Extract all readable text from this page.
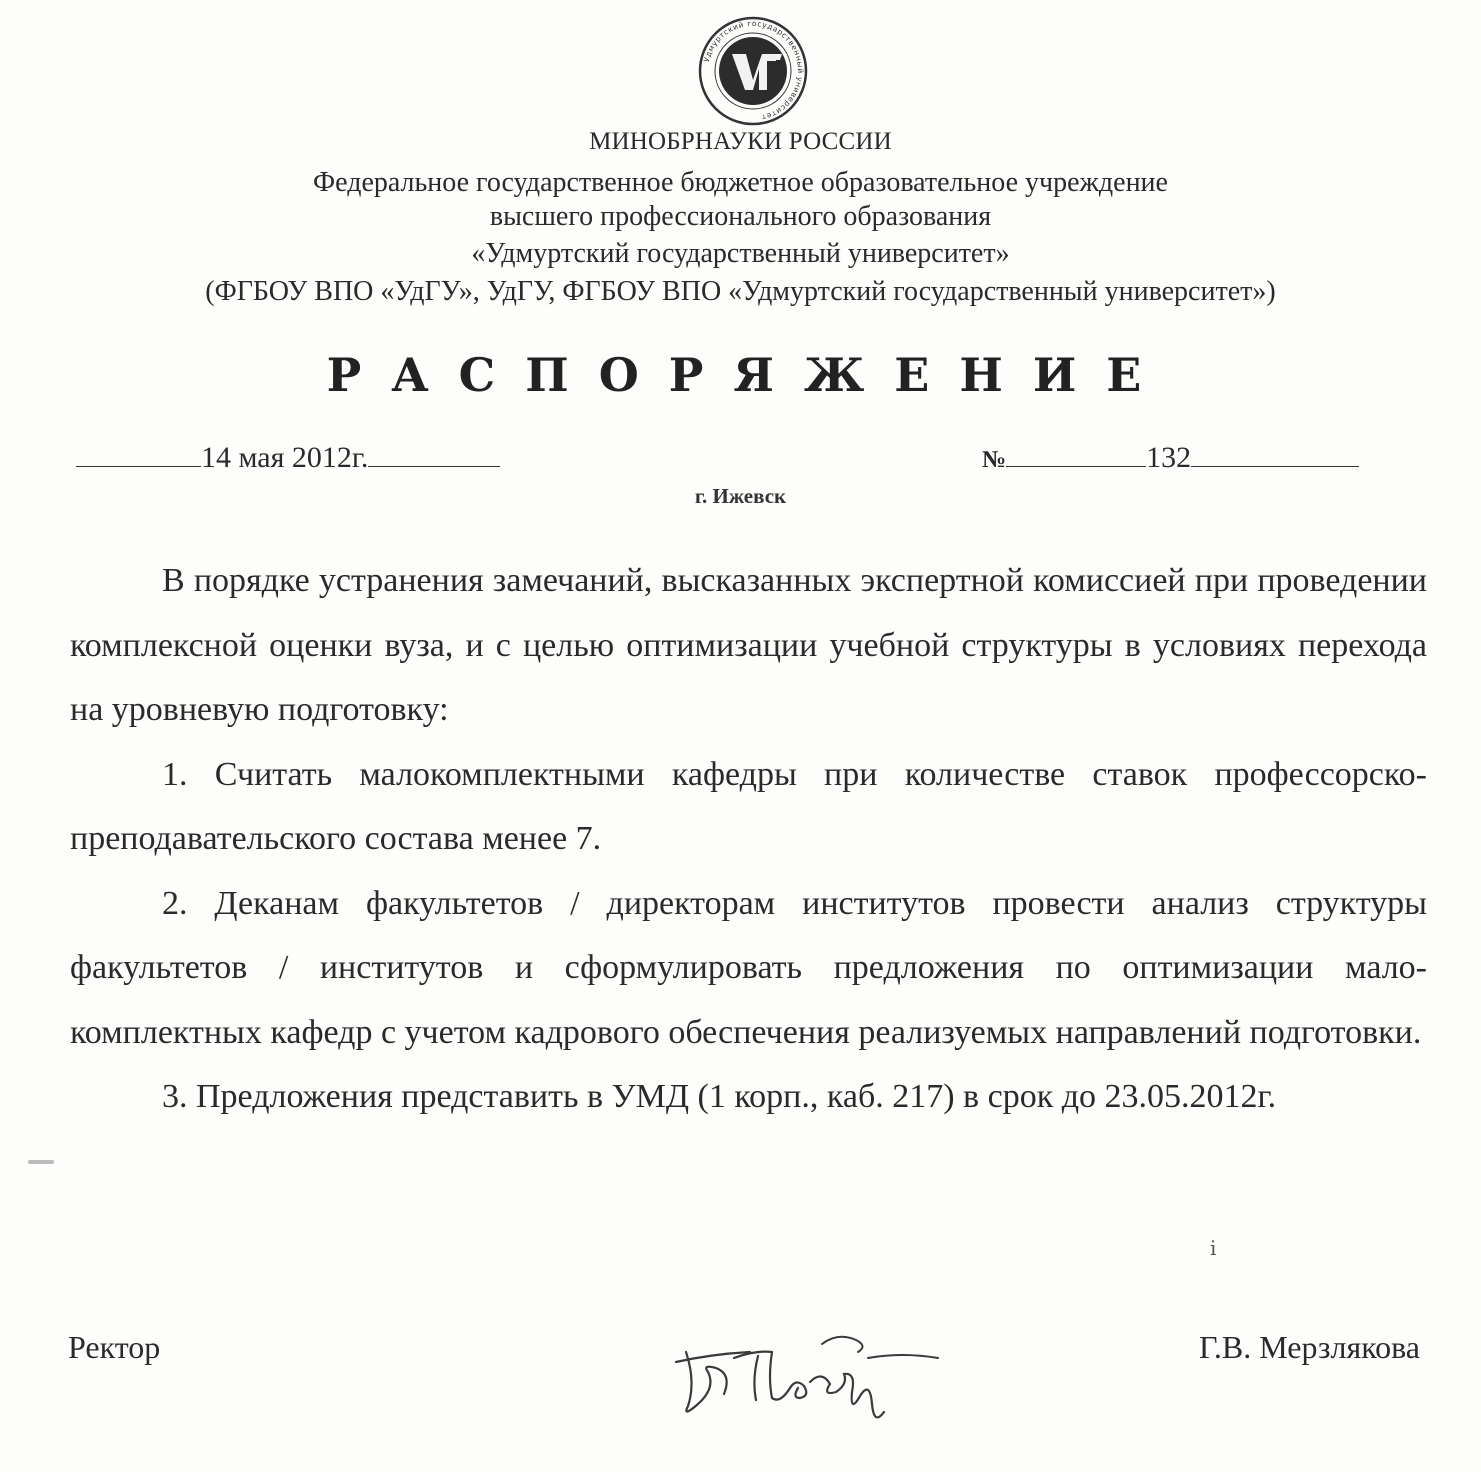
Удмуртский государственный университет
МИНОБРНАУКИ РОССИИ
Федеральное государственное бюджетное образовательное учреждение
высшего профессионального образования
«Удмуртский государственный университет»
(ФГБОУ ВПО «УдГУ», УдГУ, ФГБОУ ВПО «Удмуртский государственный университет»)
РАСПОРЯЖЕНИЕ
14 мая 2012г.	№	132
г. Ижевск

В порядке устранения замечаний, высказанных экспертной комиссией при проведении комплексной оценки вуза, и с целью оптимизации учебной структуры в условиях перехода на уровневую подготовку:

1. Считать малокомплектными кафедры при количестве ставок профессорско-преподавательского состава менее 7.

2. Деканам факультетов / директорам институтов провести анализ структуры факультетов / институтов и сформулировать предложения по оптимизации мало-комплектных кафедр с учетом кадрового обеспечения реализуемых направлений подготовки.

3. Предложения представить в УМД (1 корп., каб. 217) в срок до 23.05.2012г.

Ректор	Г.В. Мерзлякова
ⅰ
